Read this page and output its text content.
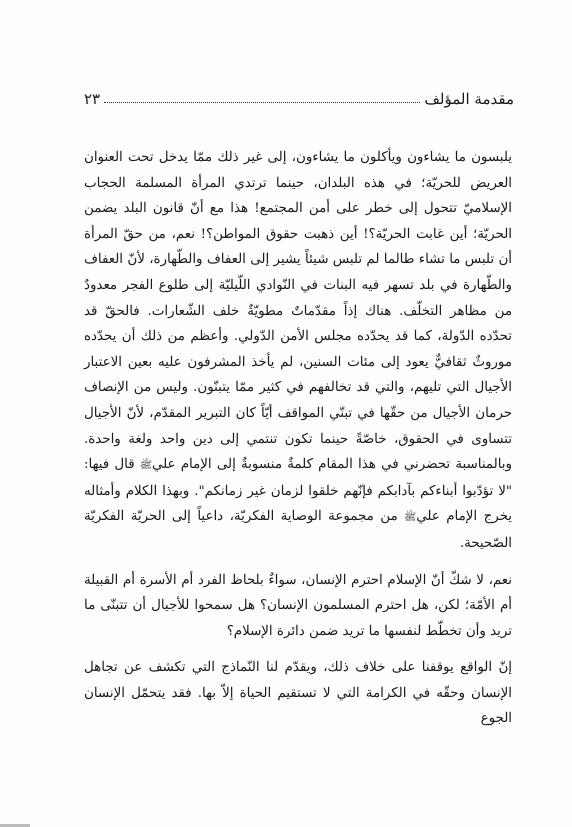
مقدمة المؤلف
٢٣

يلبسون ما يشاءون ويأكلون ما يشاءون، إلى غير ذلك ممّا يدخل تحت العنوان العريض للحريّة؛ في هذه البلدان، حينما ترتدي المرأة المسلمة الحجاب الإسلاميّ تتحول إلى خطر على أمن المجتمع! هذا مع أنّ قانون البلد يضمن الحريّة؛ أين غابت الحريّة؟! أين ذهبت حقوق المواطن؟! نعم، من حقّ المرأة أن تلبس ما تشاء طالما لم تلبس شيئاً يشير إلى العفاف والطّهارة، لأنّ العفاف والطّهارة في بلد تسهر فيه البنات في النّوادي اللّيليّة إلى طلوع الفجر معدودٌ من مظاهر التخلّف. هناك إذاً مقدّماتٌ مطويّةٌ خلف الشّعارات. فالحقّ قد تحدّده الدّولة، كما قد يحدّده مجلس الأمن الدّولي. وأعظم من ذلك أن يحدّده موروثٌ ثقافيٌّ يعود إلى مئات السنين، لم يأخذ المشرفون عليه بعين الاعتبار الأجيال التي تليهم، والتي قد تخالفهم في كثير ممّا يتبنّون. وليس من الإنصاف حرمان الأجيال من حقّها في تبنّي المواقف أيّاً كان التبرير المقدّم، لأنّ الأجيال تتساوى في الحقوق، خاصّةً حينما تكون تنتمي إلى دين واحد ولغة واحدة. وبالمناسبة تحضرني في هذا المقام كلمةٌ منسوبةٌ إلى الإمام عليﷺ قال فيها: "لا تؤدّبوا أبناءكم بآدابكم فإنّهم خلقوا لزمان غير زمانكم". وبهذا الكلام وأمثاله يخرج الإمام عليﷺ من مجموعة الوصاية الفكريّة، داعياً إلى الحريّة الفكريّة الصّحيحة.

نعم، لا شكّ أنّ الإسلام احترم الإنسان، سواءٌ بلحاظ الفرد أم الأسرة أم القبيلة أم الأمّة؛ لكن، هل احترم المسلمون الإنسان؟ هل سمحوا للأجيال أن تتبنّى ما تريد وأن تخطّط لنفسها ما تريد ضمن دائرة الإسلام؟

إنّ الواقع يوقفنا على خلاف ذلك، ويقدّم لنا النّماذج التي تكشف عن تجاهل الإنسان وحقّه في الكرامة التي لا تستقيم الحياة إلاّ بها. فقد يتحمّل الإنسان الجوع
